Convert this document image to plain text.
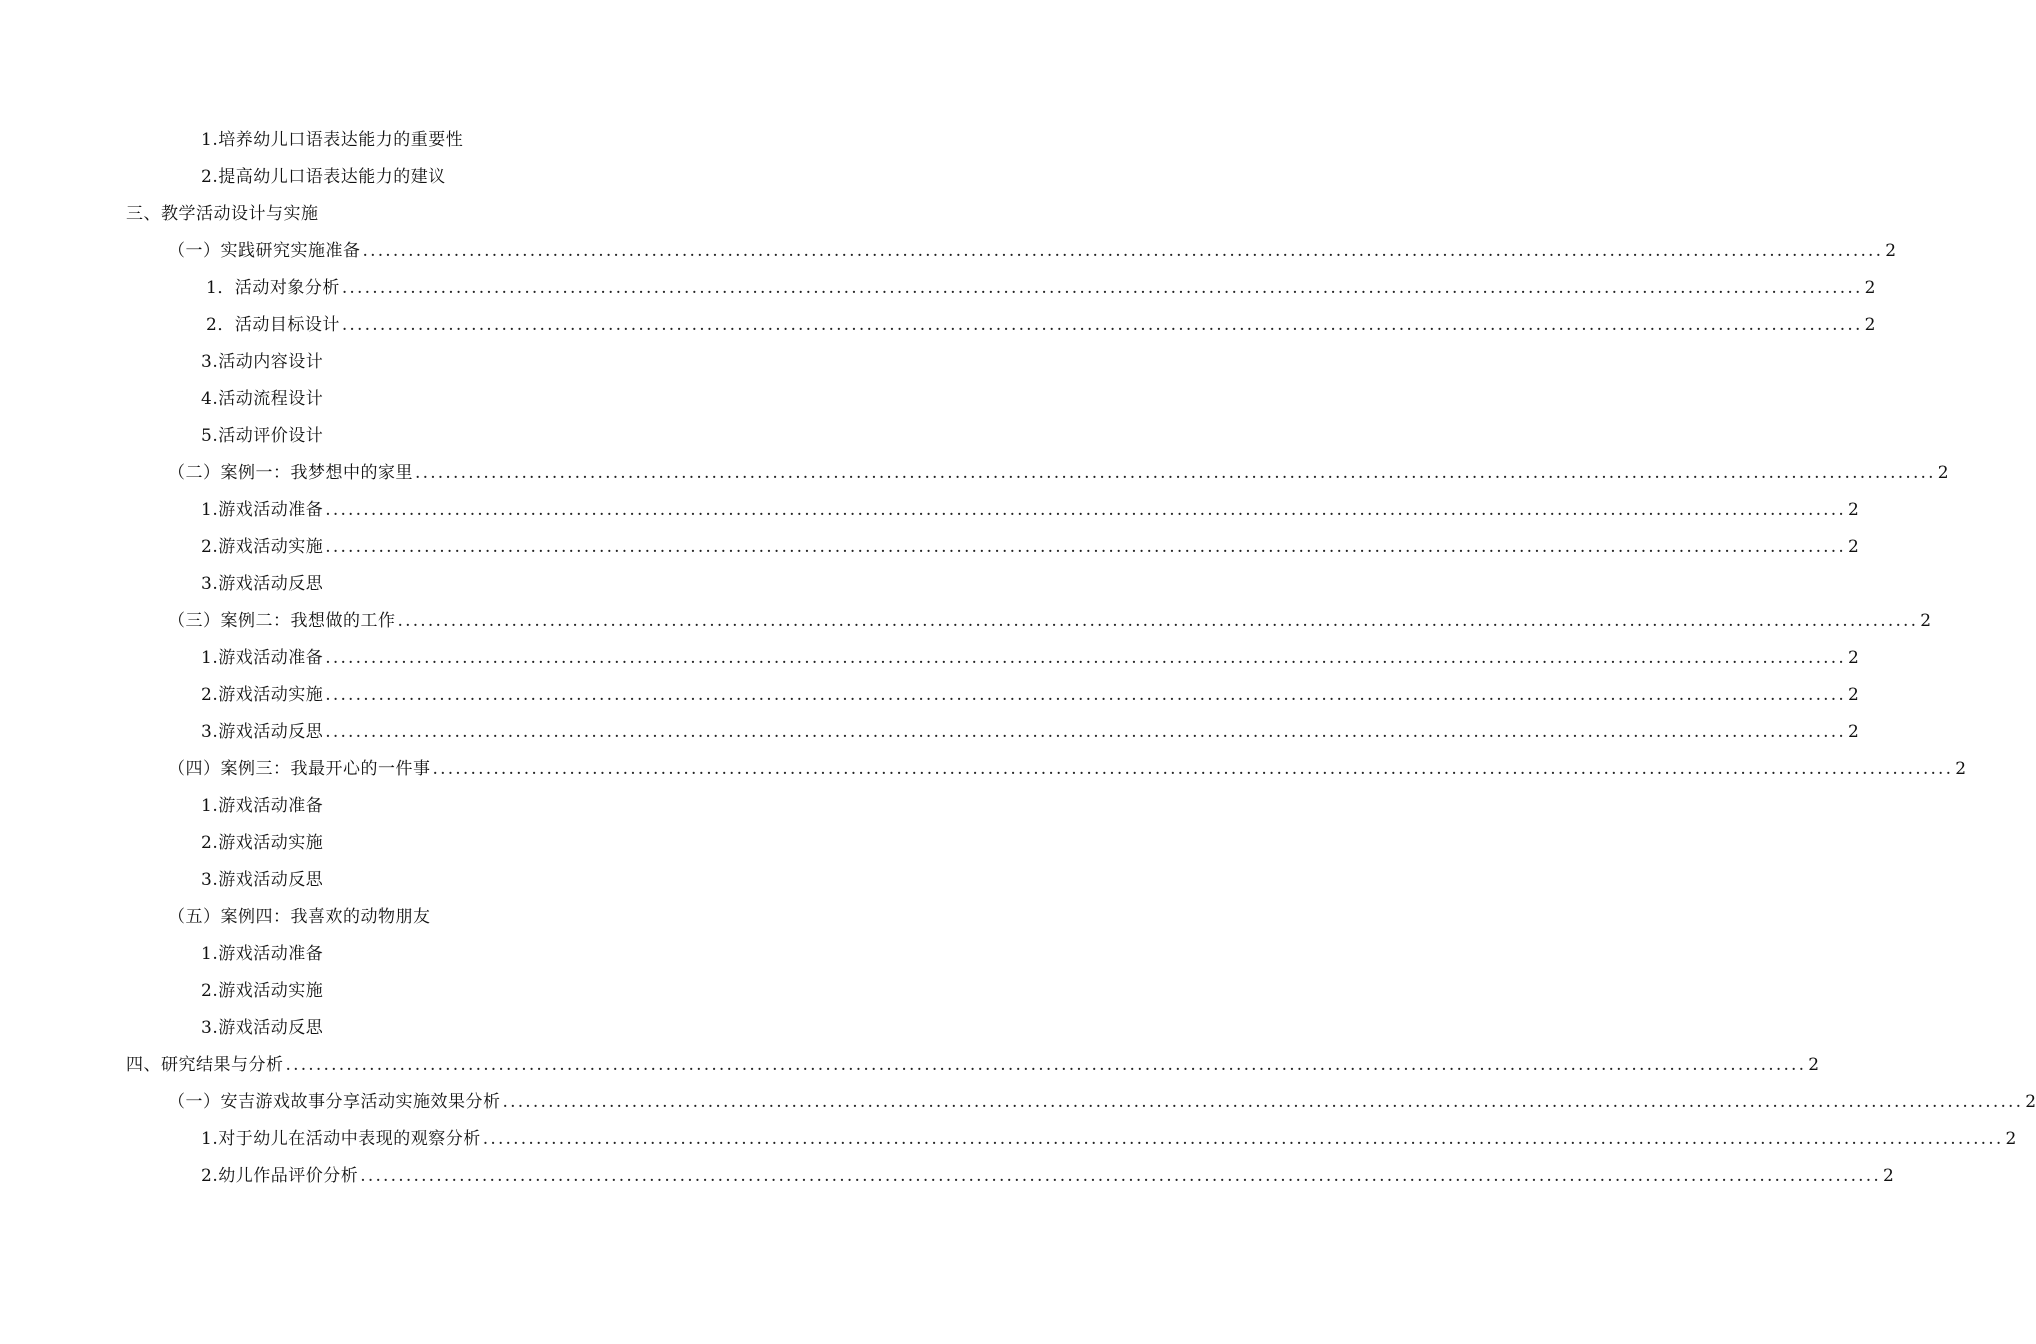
1.培养幼儿口语表达能力的重要性
2.提高幼儿口语表达能力的建议
三、教学活动设计与实施
（一）实践研究实施准备 ........................................................................................................................................................................................................ 2
1．活动对象分析 ........................................................................................................................................................................................................ 2
2．活动目标设计 ........................................................................................................................................................................................................ 2
3.活动内容设计
4.活动流程设计
5.活动评价设计
（二）案例一：我梦想中的家里 ........................................................................................................................................................................................................ 2
1.游戏活动准备 ........................................................................................................................................................................................................ 2
2.游戏活动实施 ........................................................................................................................................................................................................ 2
3.游戏活动反思
（三）案例二：我想做的工作 ........................................................................................................................................................................................................ 2
1.游戏活动准备 ........................................................................................................................................................................................................ 2
2.游戏活动实施 ........................................................................................................................................................................................................ 2
3.游戏活动反思 ........................................................................................................................................................................................................ 2
（四）案例三：我最开心的一件事 ........................................................................................................................................................................................................ 2
1.游戏活动准备
2.游戏活动实施
3.游戏活动反思
（五）案例四：我喜欢的动物朋友
1.游戏活动准备
2.游戏活动实施
3.游戏活动反思
四、研究结果与分析 ........................................................................................................................................................................................................ 2
（一）安吉游戏故事分享活动实施效果分析 ........................................................................................................................................................................................................ 2
1.对于幼儿在活动中表现的观察分析 ........................................................................................................................................................................................................ 2
2.幼儿作品评价分析 ........................................................................................................................................................................................................ 2
